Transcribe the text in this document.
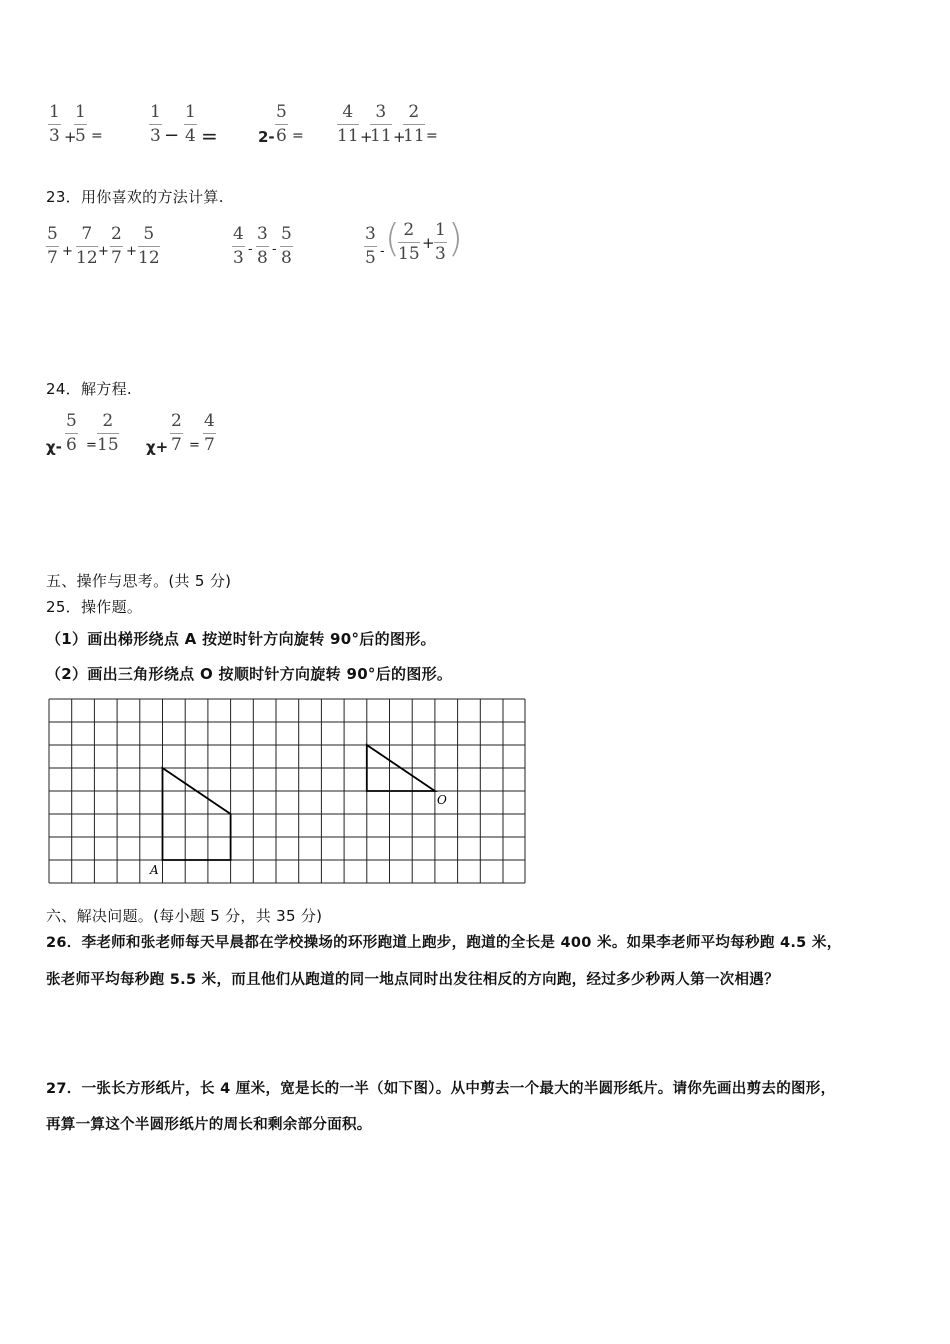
$\frac{1}{3}$ +
$\frac{1}{5}$ =	$\frac{1}{3} - \frac{1}{4}$ =	$2- \frac{5}{6} = \frac{4}{11}$ +
$\frac{3}{11}$ +
$\frac{2}{11}$ =
23．用你喜欢的方法计算.
$\frac{5}{7} + \frac{7}{12} + \frac{2}{7} + \frac{5}{12}$	$\frac{4}{3} - \frac{3}{8} - \frac{5}{8}$	$\frac{3}{5}$ - (
$\frac{2}{15} + \frac{1}{3}$ )
24．解方程.
$\chi- \frac{5}{6} = \frac{2}{15} \chi+ \frac{2}{7} = \frac{4}{7}$
五、操作与思考。(共 5 分)
25．操作题。
（1）画出梯形绕点 A 按逆时针方向旋转 90°后的图形。
（2）画出三角形绕点 O 按顺时针方向旋转 90°后的图形。
A
O
六、解决问题。(每小题 5 分，共 35 分)
26．李老师和张老师每天早晨都在学校操场的环形跑道上跑步，跑道的全长是 400 米。如果李老师平均每秒跑 4.5 米，
张老师平均每秒跑 5.5 米，而且他们从跑道的同一地点同时出发往相反的方向跑，经过多少秒两人第一次相遇？
27．一张长方形纸片，长 4 厘米，宽是长的一半（如下图）。从中剪去一个最大的半圆形纸片。请你先画出剪去的图形，
再算一算这个半圆形纸片的周长和剩余部分面积。
